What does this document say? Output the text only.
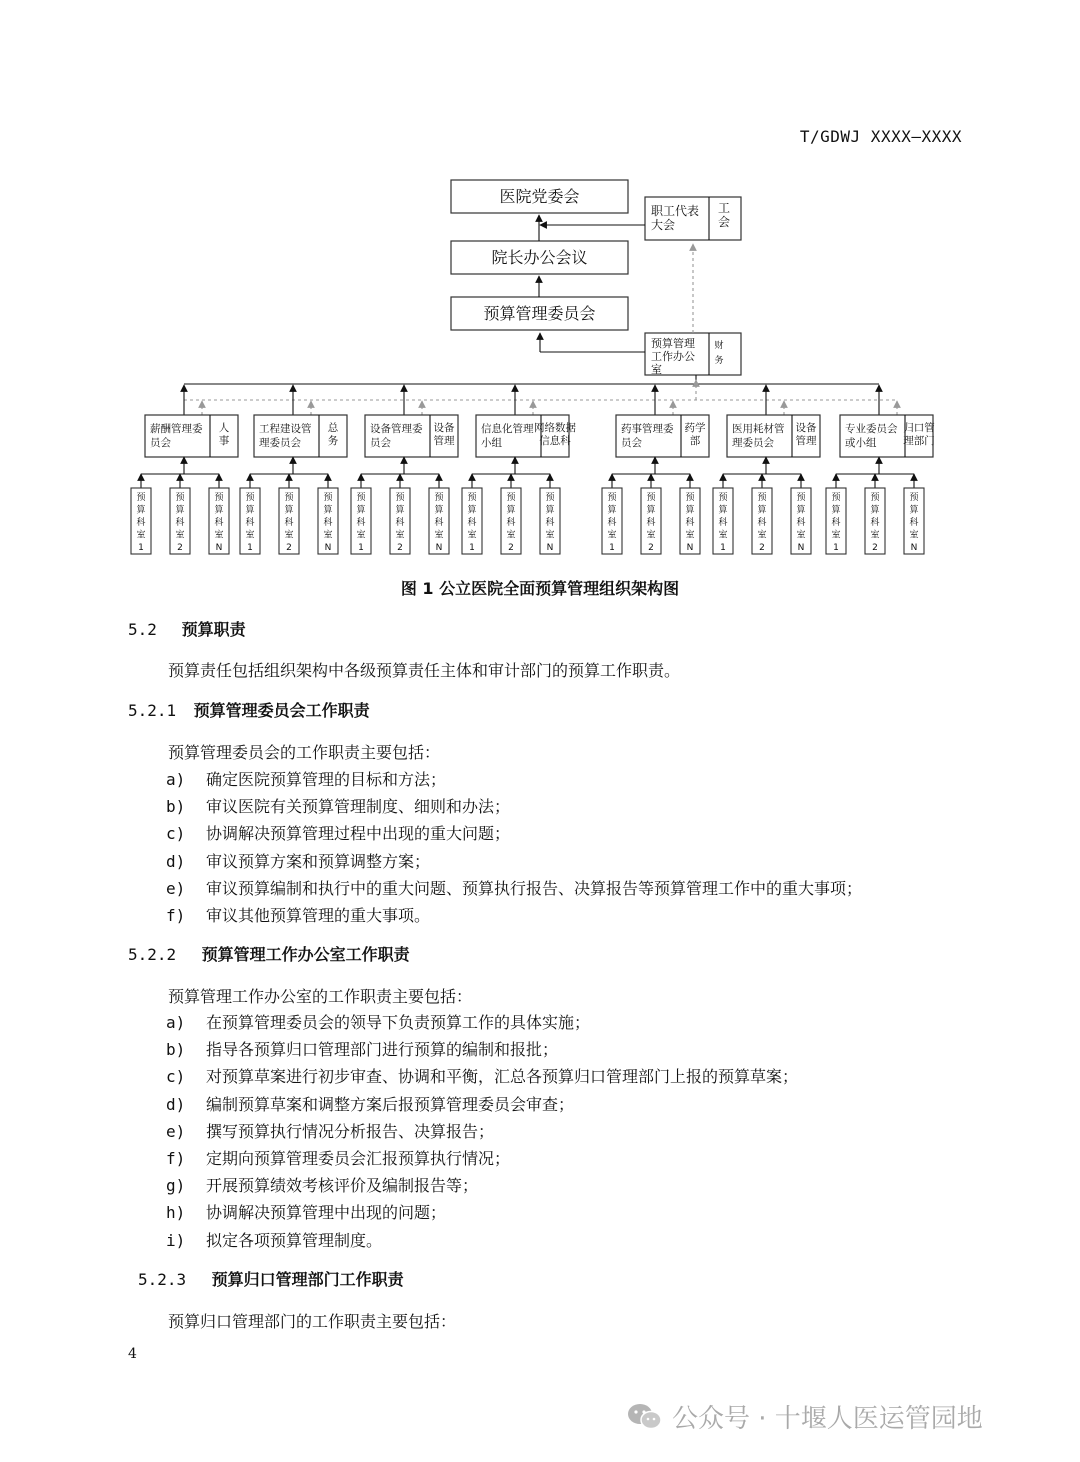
T/GDWJ XXXX—XXXX
医院党委会
院长办公会议
预算管理委员会
职工代表大会
工会
预算管理工作办公室
财
务
薪酬管理委员会
人事
预算科室 1
预算科室 2
预算科室 N
工程建设管理委员会
总务
预算科室 1
预算科室 2
预算科室 N
设备管理委员会
设备管理
预算科室 1
预算科室 2
预算科室 N
信息化管理小组
网络数据信息科
预算科室 1
预算科室 2
预算科室 N
药事管理委员会
药学部
预算科室 1
预算科室 2
预算科室 N
医用耗材管理委员会
设备管理
预算科室 1
预算科室 2
预算科室 N
专业委员会或小组
归口管理部门
预算科室 1
预算科室 2
预算科室 N
图 1 公立医院全面预算管理组织架构图
5.2 预算职责
预算责任包括组织架构中各级预算责任主体和审计部门的预算工作职责。
5.2.1 预算管理委员会工作职责
预算管理委员会的工作职责主要包括：
a) 确定医院预算管理的目标和方法；
b) 审议医院有关预算管理制度、细则和办法；
c) 协调解决预算管理过程中出现的重大问题；
d) 审议预算方案和预算调整方案；
e) 审议预算编制和执行中的重大问题、预算执行报告、决算报告等预算管理工作中的重大事项；
f) 审议其他预算管理的重大事项。
5.2.2 预算管理工作办公室工作职责
预算管理工作办公室的工作职责主要包括：
a) 在预算管理委员会的领导下负责预算工作的具体实施；
b) 指导各预算归口管理部门进行预算的编制和报批；
c) 对预算草案进行初步审查、协调和平衡，汇总各预算归口管理部门上报的预算草案；
d) 编制预算草案和调整方案后报预算管理委员会审查；
e) 撰写预算执行情况分析报告、决算报告；
f) 定期向预算管理委员会汇报预算执行情况；
g) 开展预算绩效考核评价及编制报告等；
h) 协调解决预算管理中出现的问题；
i) 拟定各项预算管理制度。
5.2.3 预算归口管理部门工作职责
预算归口管理部门的工作职责主要包括：
4
公众号 · 十堰人医运管园地
